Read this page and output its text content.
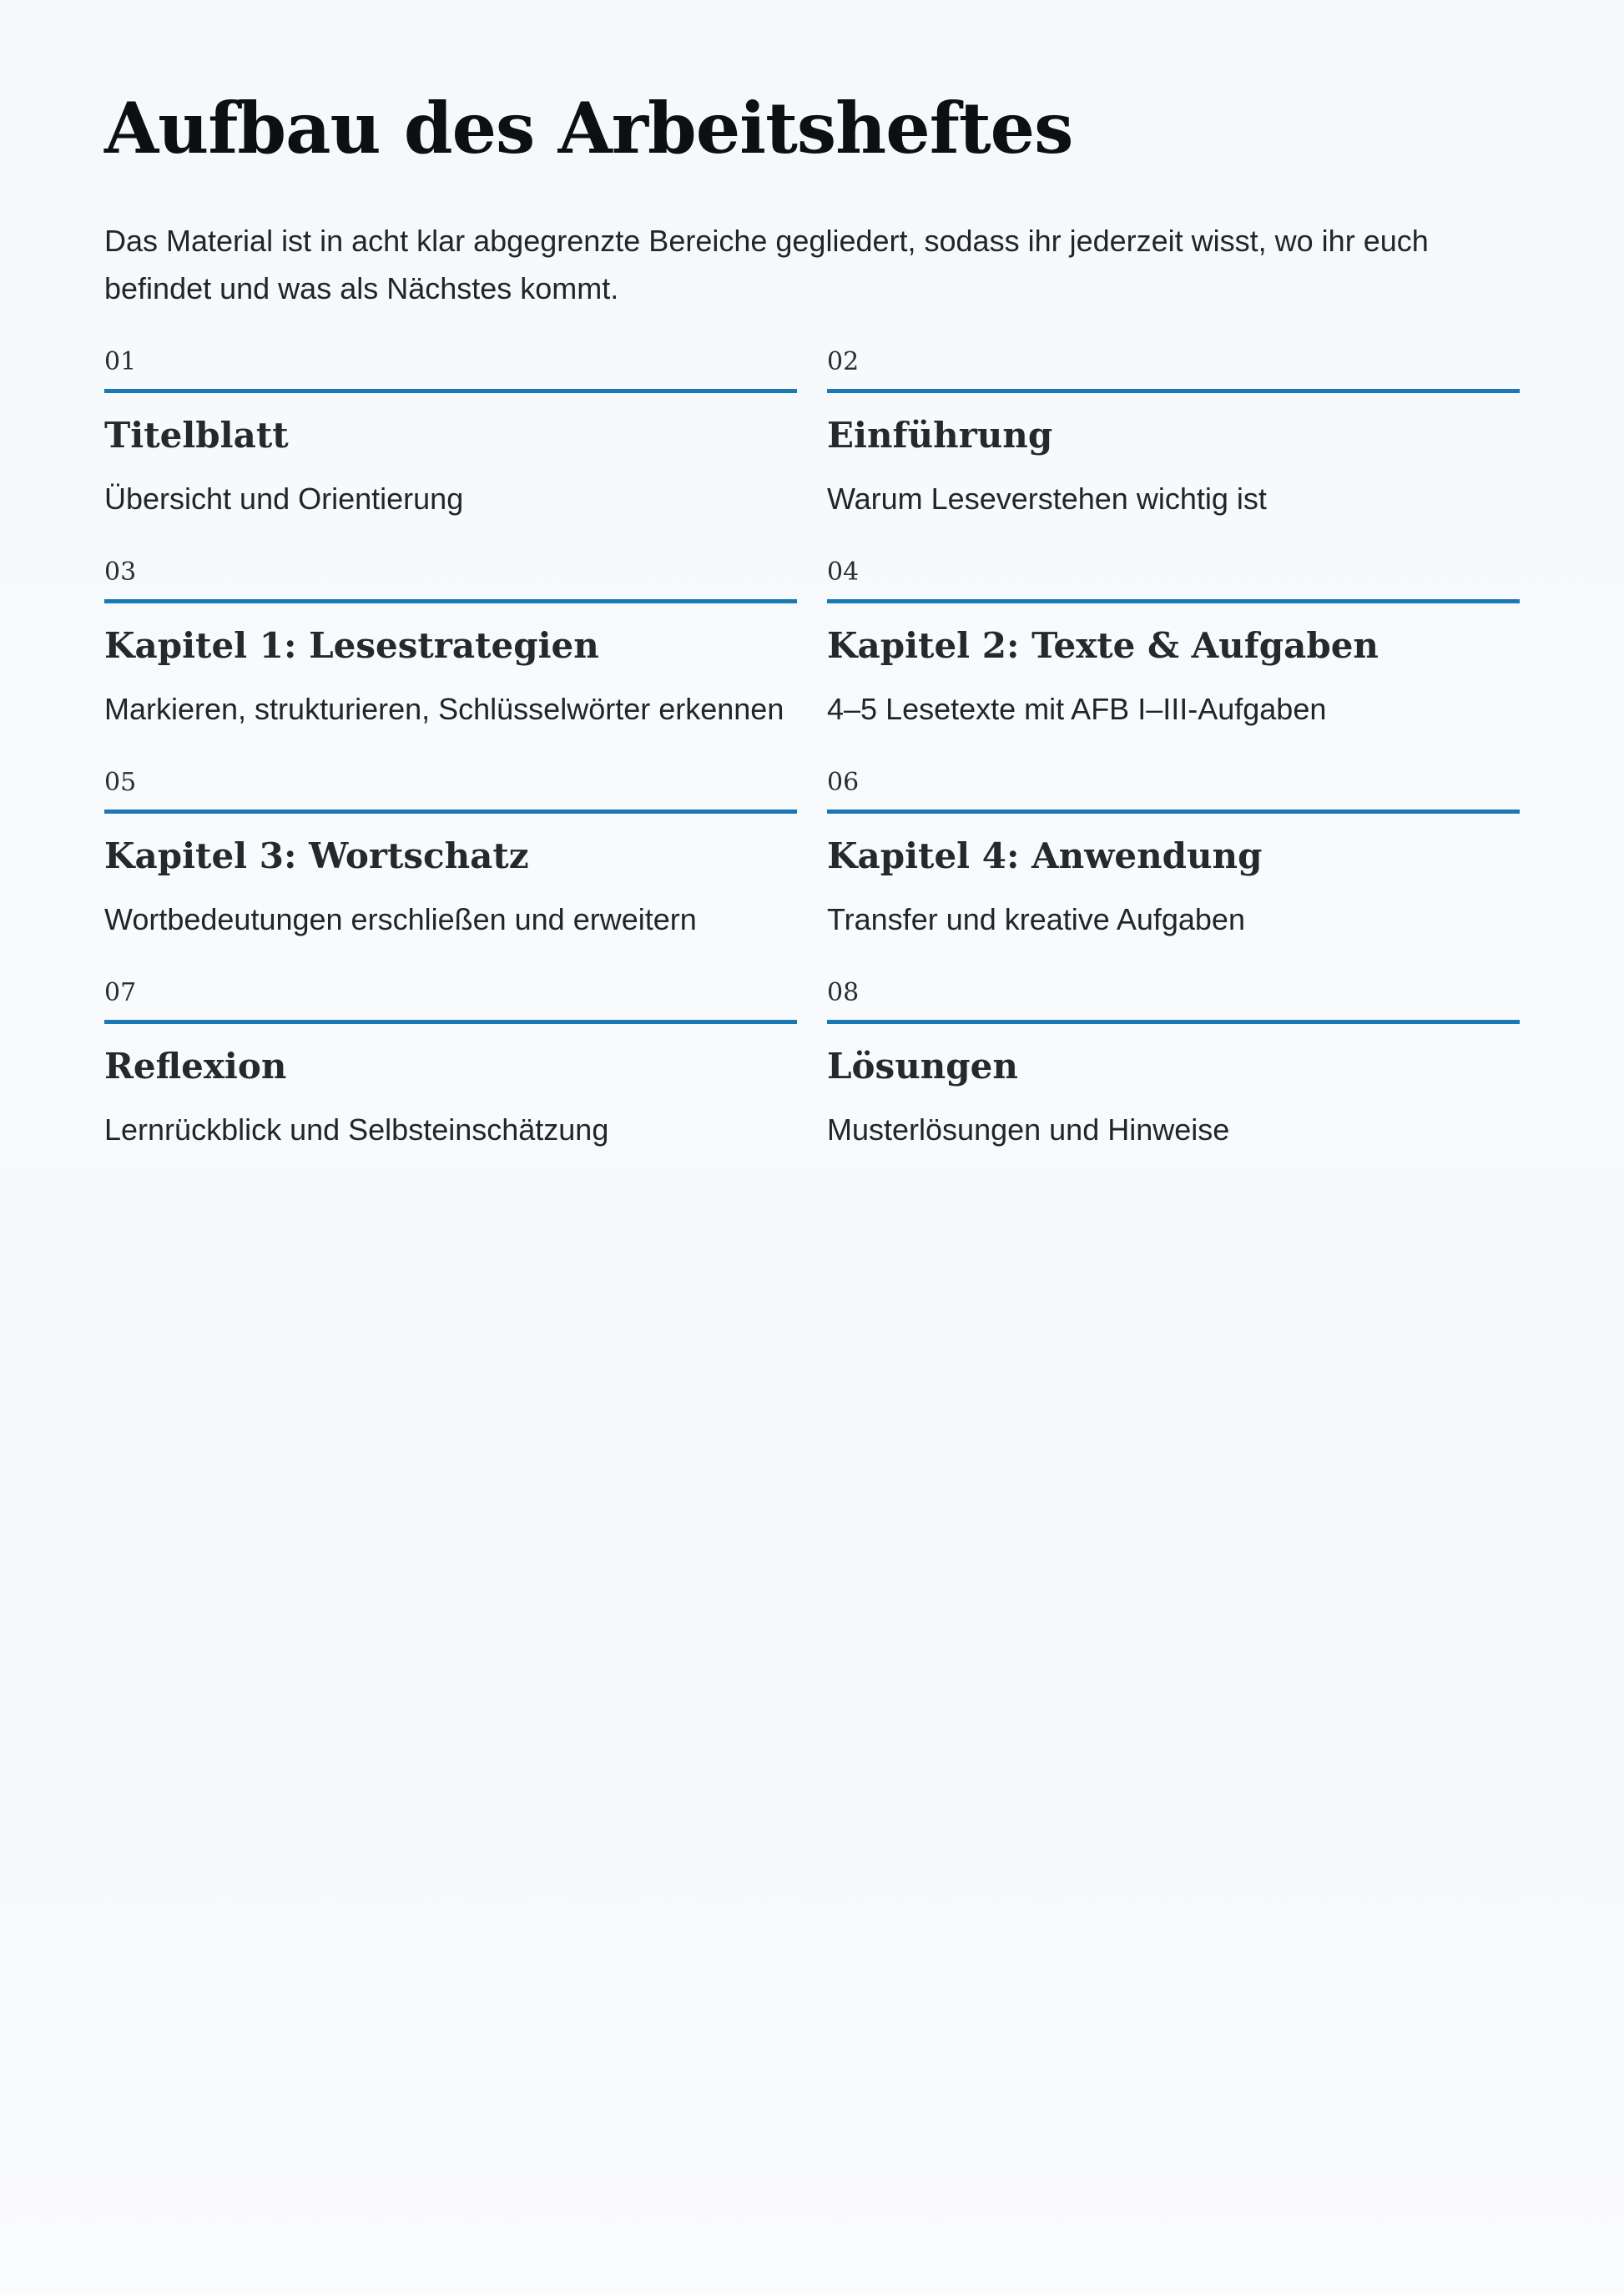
Aufbau des Arbeitsheftes

Das Material ist in acht klar abgegrenzte Bereiche gegliedert, sodass ihr jederzeit wisst, wo ihr euch befindet und was als Nächstes kommt.

01
Titelblatt
Übersicht und Orientierung
02
Einführung
Warum Leseverstehen wichtig ist
03
Kapitel 1: Lesestrategien
Markieren, strukturieren, Schlüsselwörter erkennen
04
Kapitel 2: Texte & Aufgaben
4–5 Lesetexte mit AFB I–III-Aufgaben
05
Kapitel 3: Wortschatz
Wortbedeutungen erschließen und erweitern
06
Kapitel 4: Anwendung
Transfer und kreative Aufgaben
07
Reflexion
Lernrückblick und Selbsteinschätzung
08
Lösungen
Musterlösungen und Hinweise
